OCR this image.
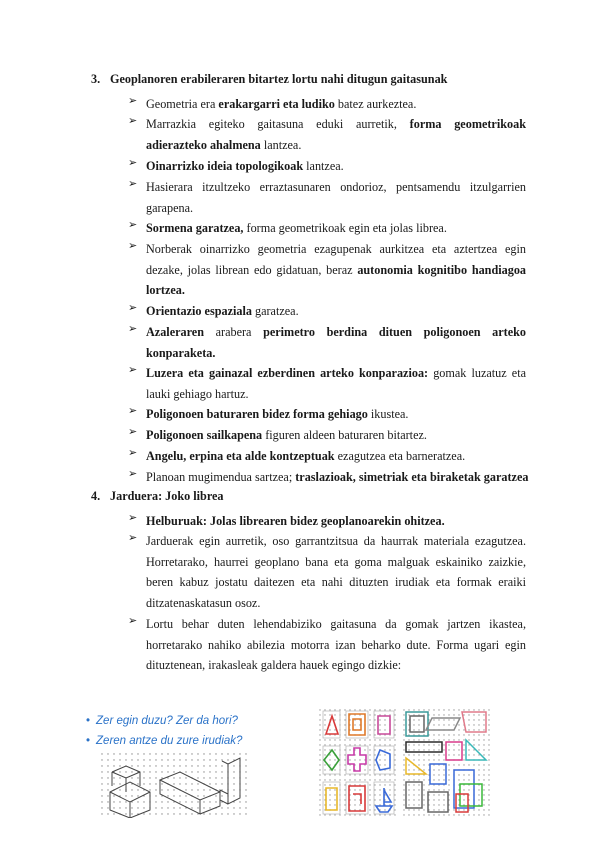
3. Geoplanoren erabileraren bitartez lortu nahi ditugun gaitasunak
➢ Geometria era erakargarri eta ludiko batez aurkeztea.
➢ Marrazkia egiteko gaitasuna eduki aurretik, forma geometrikoak adierazteko ahalmena lantzea.
➢ Oinarrizko ideia topologikoak lantzea.
➢ Hasierara itzultzeko erraztasunaren ondorioz, pentsamendu itzulgarrien garapena.
➢ Sormena garatzea, forma geometrikoak egin eta jolas librea.
➢ Norberak oinarrizko geometria ezagupenak aurkitzea eta aztertzea egin dezake, jolas librean edo gidatuan, beraz autonomia kognitibo handiagoa lortzea.
➢ Orientazio espaziala garatzea.
➢ Azaleraren arabera perimetro berdina dituen poligonoen arteko konparaketa.
➢ Luzera eta gainazal ezberdinen arteko konparazioa: gomak luzatuz eta lauki gehiago hartuz.
➢ Poligonoen baturaren bidez forma gehiago ikustea.
➢ Poligonoen sailkapena figuren aldeen baturaren bitartez.
➢ Angelu, erpina eta alde kontzeptuak ezagutzea eta barneratzea.
➢ Planoan mugimendua sartzea; traslazioak, simetriak eta biraketak garatzea
4. Jarduera: Joko librea
➢ Helburuak: Jolas librearen bidez geoplanoarekin ohitzea.
➢ Jarduerak egin aurretik, oso garrantzitsua da haurrak materiala ezagutzea. Horretarako, haurrei geoplano bana eta goma malguak eskainiko zaizkie, beren kabuz jostatu daitezen eta nahi dituzten irudiak eta formak eraiki ditzatenaskatasun osoz.
➢ Lortu behar duten lehendabiziko gaitasuna da gomak jartzen ikastea, horretarako nahiko abilezia motorra izan beharko dute. Forma ugari egin dituztenean, irakasleak galdera hauek egingo dizkie:
• Zer egin duzu? Zer da hori?
• Zeren antze du zure irudiak?
